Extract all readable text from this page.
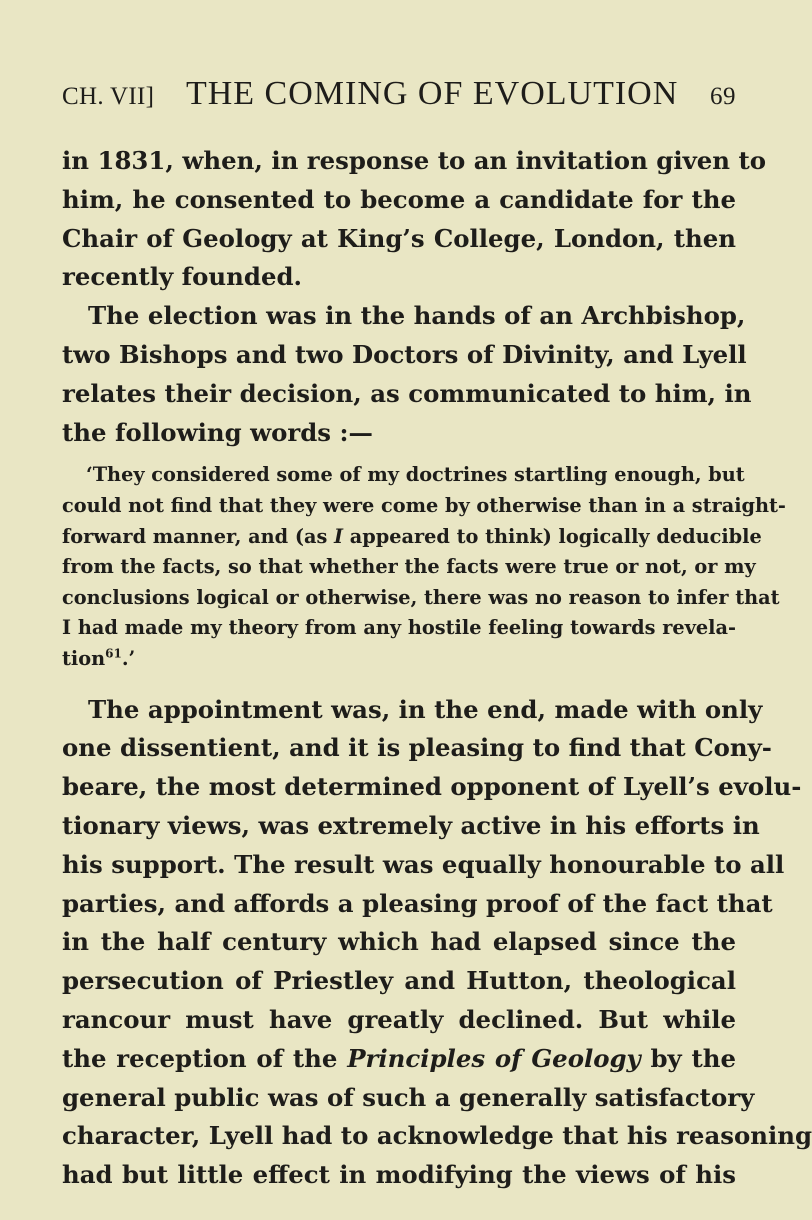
CH. VII] THE COMING OF EVOLUTION 69

in 1831, when, in response to an invitation given to
him, he consented to become a candidate for the
Chair of Geology at King’s College, London, then
recently founded.

The election was in the hands of an Archbishop,
two Bishops and two Doctors of Divinity, and Lyell
relates their decision, as communicated to him, in
the following words :—

‘They considered some of my doctrines startling enough, but
could not find that they were come by otherwise than in a straight-
forward manner, and (as I appeared to think) logically deducible
from the facts, so that whether the facts were true or not, or my
conclusions logical or otherwise, there was no reason to infer that
I had made my theory from any hostile feeling towards revela-
tion$^{61}$.’

The appointment was, in the end, made with only
one dissentient, and it is pleasing to find that Cony-
beare, the most determined opponent of Lyell’s evolu-
tionary views, was extremely active in his efforts in
his support. The result was equally honourable to all
parties, and affords a pleasing proof of the fact that
in the half century which had elapsed since the
persecution of Priestley and Hutton, theological
rancour must have greatly declined. But while
the reception of the Principles of Geology by the
general public was of such a generally satisfactory
character, Lyell had to acknowledge that his reasoning
had but little effect in modifying the views of his
